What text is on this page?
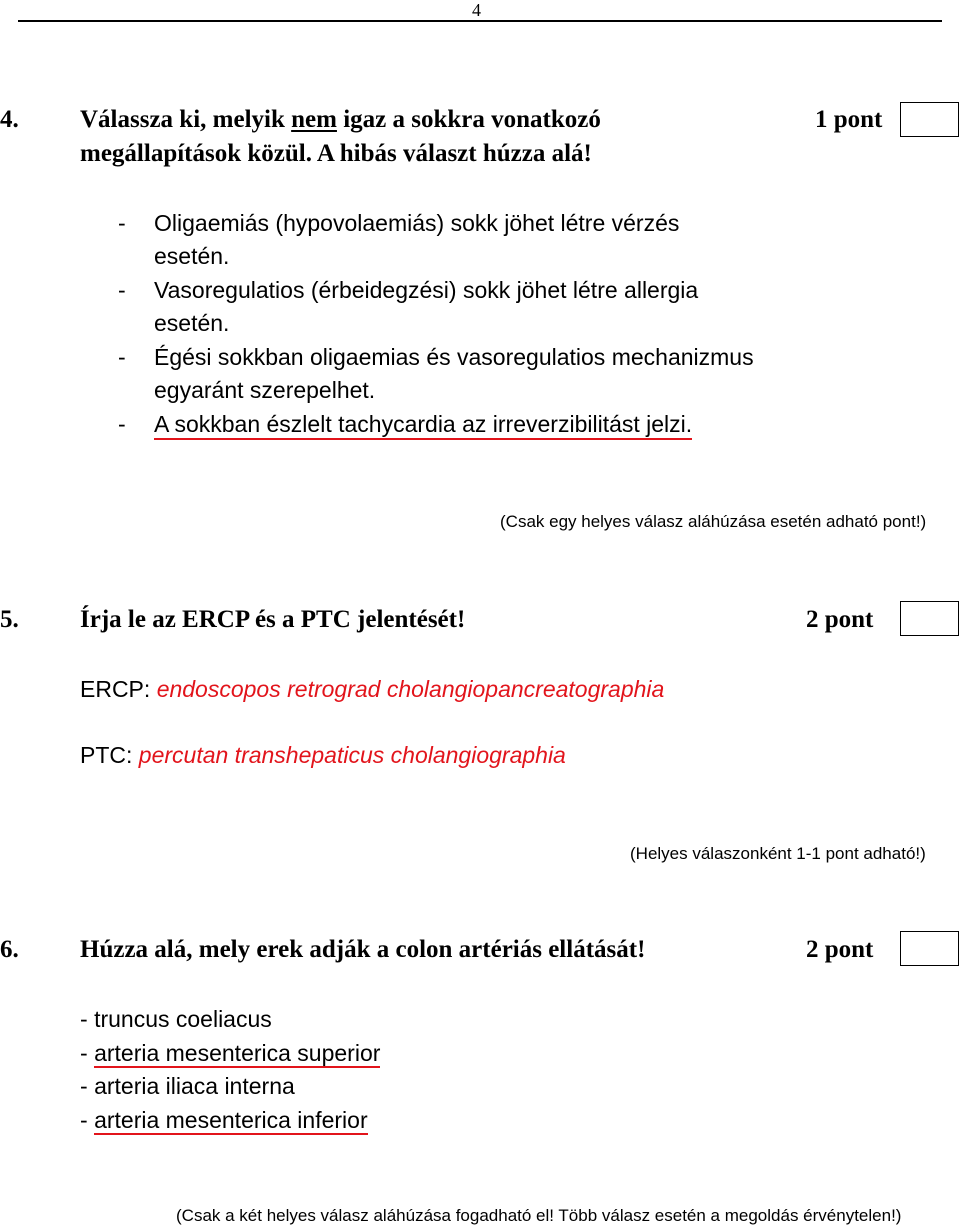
4
4. Válassza ki, melyik nem igaz a sokkra vonatkozó
megállapítások közül. A hibás választ húzza alá!
1 pont
- Oligaemiás (hypovolaemiás) sokk jöhet létre vérzés
esetén.
- Vasoregulatios (érbeidegzési) sokk jöhet létre allergia
esetén.
- Égési sokkban oligaemias és vasoregulatios mechanizmus
egyaránt szerepelhet.
- A sokkban észlelt tachycardia az irreverzibilitást jelzi.
(Csak egy helyes válasz aláhúzása esetén adható pont!)
5. Írja le az ERCP és a PTC jelentését!	2 pont
ERCP: endoscopos retrograd cholangiopancreatographia
PTC: percutan transhepaticus cholangiographia
(Helyes válaszonként 1-1 pont adható!)
6. Húzza alá, mely erek adják a colon artériás ellátását!	2 pont
- truncus coeliacus
- arteria mesenterica superior
- arteria iliaca interna
- arteria mesenterica inferior
(Csak a két helyes válasz aláhúzása fogadható el! Több válasz esetén a megoldás érvénytelen!)
